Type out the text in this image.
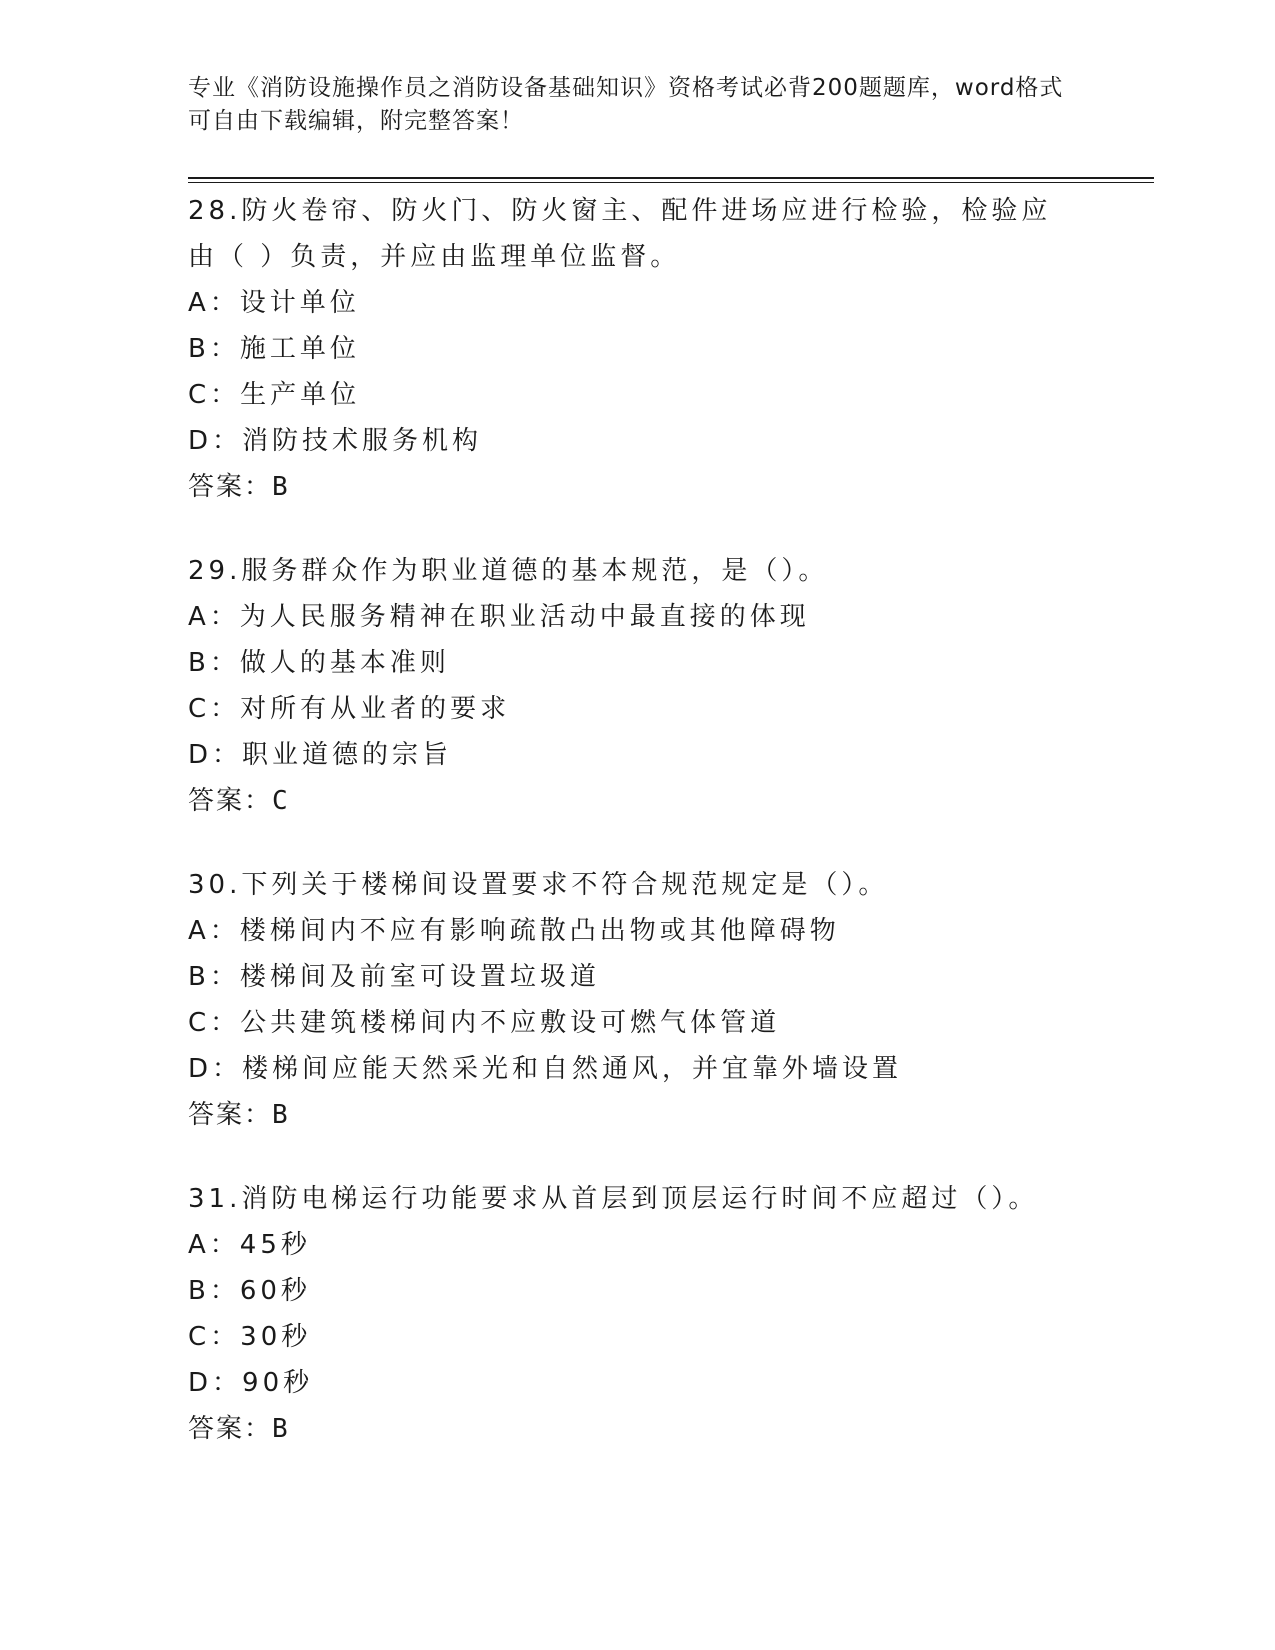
专业《消防设施操作员之消防设备基础知识》资格考试必背200题题库，word格式可自由下载编辑，附完整答案！
28.防火卷帘、防火门、防火窗主、配件进场应进行检验，检验应由（ ）负责，并应由监理单位监督。
A：设计单位
B：施工单位
C：生产单位
D：消防技术服务机构
答案：B
29.服务群众作为职业道德的基本规范，是（）。
A：为人民服务精神在职业活动中最直接的体现
B：做人的基本准则
C：对所有从业者的要求
D：职业道德的宗旨
答案：C
30.下列关于楼梯间设置要求不符合规范规定是（）。
A：楼梯间内不应有影响疏散凸出物或其他障碍物
B：楼梯间及前室可设置垃圾道
C：公共建筑楼梯间内不应敷设可燃气体管道
D：楼梯间应能天然采光和自然通风，并宜靠外墙设置
答案：B
31.消防电梯运行功能要求从首层到顶层运行时间不应超过（）。
A：45秒
B：60秒
C：30秒
D：90秒
答案：B
